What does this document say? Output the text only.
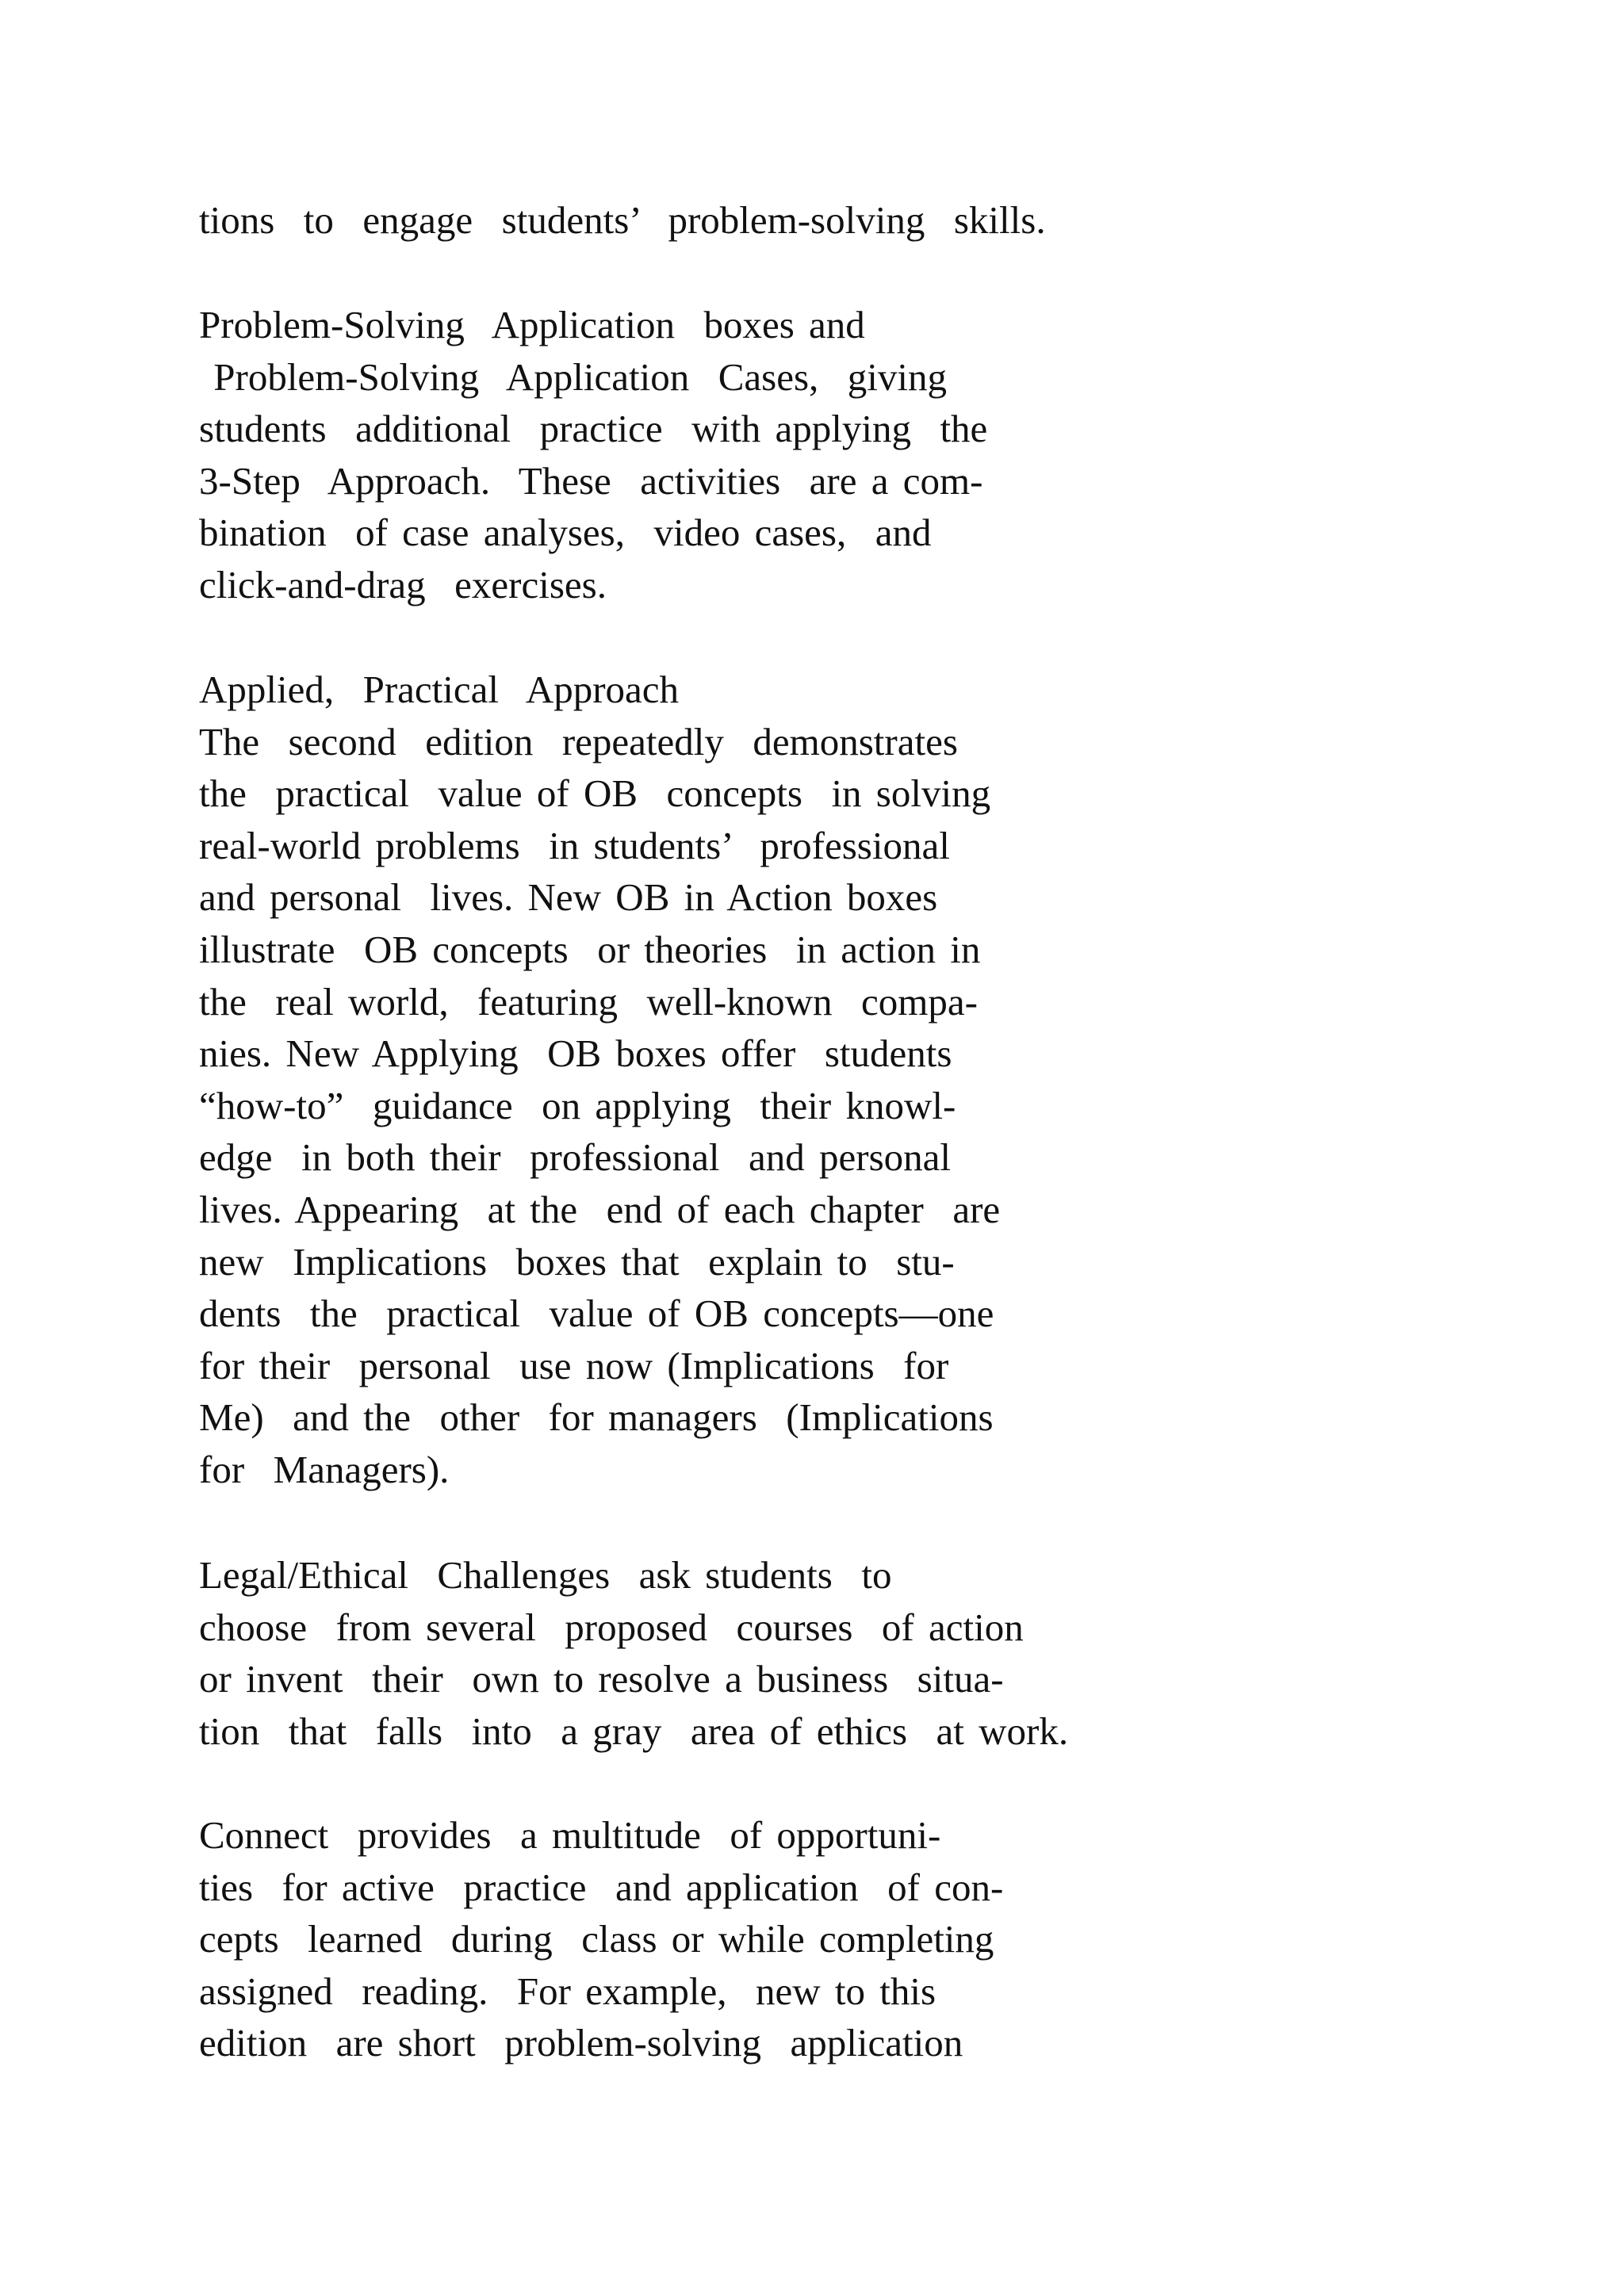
tions  to  engage  students’  problem-solving  skills.
Problem-Solving  Application  boxes and
Problem-Solving  Application  Cases,  giving
students  additional  practice  with applying  the
3-Step  Approach.  These  activities  are a com-
bination  of case analyses,  video cases,  and
click-and-drag  exercises.
Applied,  Practical  Approach
The  second  edition  repeatedly  demonstrates
the  practical  value of OB  concepts  in solving
real-world problems  in students’  professional
and personal  lives. New OB in Action boxes
illustrate  OB concepts  or theories  in action in
the  real world,  featuring  well-known  compa-
nies. New Applying  OB boxes offer  students
“how-to”  guidance  on applying  their knowl-
edge  in both their  professional  and personal
lives. Appearing  at the  end of each chapter  are
new  Implications  boxes that  explain to  stu-
dents  the  practical  value of OB concepts—one
for their  personal  use now (Implications  for
Me)  and the  other  for managers  (Implications
for  Managers).
Legal/Ethical  Challenges  ask students  to
choose  from several  proposed  courses  of action
or invent  their  own to resolve a business  situa-
tion  that  falls  into  a gray  area of ethics  at work.
Connect  provides  a multitude  of opportuni-
ties  for active  practice  and application  of con-
cepts  learned  during  class or while completing
assigned  reading.  For example,  new to this
edition  are short  problem-solving  application
